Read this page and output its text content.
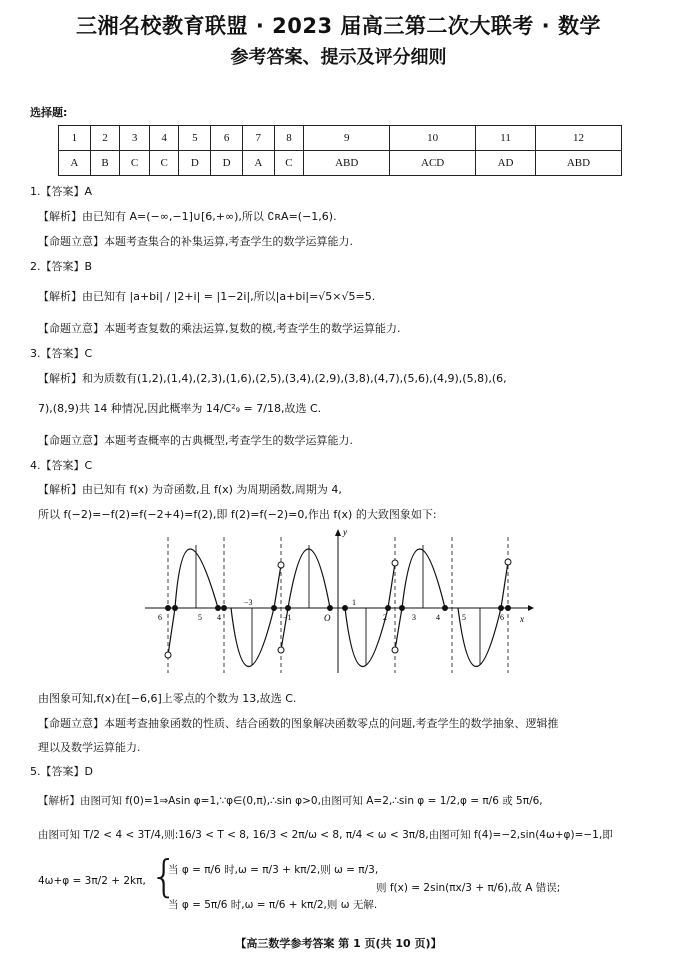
三湘名校教育联盟 · 2023 届高三第二次大联考 · 数学
参考答案、提示及评分细则
选择题:
1	2	3	4	5	6	7	8	9	10	11	12
A	B	C	C	D	D	A	C	ABD	ACD	AD	ABD
1.【答案】A
【解析】由已知有 A=(−∞,−1]∪[6,+∞),所以 ∁ʀA=(−1,6).
【命题立意】本题考查集合的补集运算,考查学生的数学运算能力.
2.【答案】B
【解析】由已知有 |a+bi| / |2+i| = |1−2i|,所以|a+bi|=√5×√5=5.
【命题立意】本题考查复数的乘法运算,复数的模,考查学生的数学运算能力.
3.【答案】C
【解析】和为质数有(1,2),(1,4),(2,3),(1,6),(2,5),(3,4),(2,9),(3,8),(4,7),(5,6),(4,9),(5,8),(6,
7),(8,9)共 14 种情况,因此概率为 14/C²₉ = 7/18,故选 C.
【命题立意】本题考查概率的古典概型,考查学生的数学运算能力.
4.【答案】C
【解析】由已知有 f(x) 为奇函数,且 f(x) 为周期函数,周期为 4,
所以 f(−2)=−f(2)=f(−2+4)=f(2),即 f(2)=f(−2)=0,作出 f(x) 的大致图象如下:
y
x
O
6	5 4
−3
−1
1
2	3	4	5	6
由图象可知,f(x)在[−6,6]上零点的个数为 13,故选 C.
【命题立意】本题考查抽象函数的性质、结合函数的图象解决函数零点的问题,考查学生的数学抽象、逻辑推
理以及数学运算能力.
5.【答案】D
【解析】由图可知 f(0)=1⇒Asin φ=1,∵φ∈(0,π),∴sin φ>0,由图可知 A=2,∴sin φ = 1/2,φ = π/6 或 5π/6,
由图可知 T/2 < 4 < 3T/4,则:16/3 < T < 8, 16/3 < 2π/ω < 8, π/4 < ω < 3π/8,由图可知 f(4)=−2,sin(4ω+φ)=−1,即
4ω+φ = 3π/2 + 2kπ, {
当 φ = π/6 时,ω = π/3 + kπ/2,则 ω = π/3,
当 φ = 5π/6 时,ω = π/6 + kπ/2,则 ω 无解.
则 f(x) = 2sin(πx/3 + π/6),故 A 错误;
【高三数学参考答案 第 1 页(共 10 页)】
